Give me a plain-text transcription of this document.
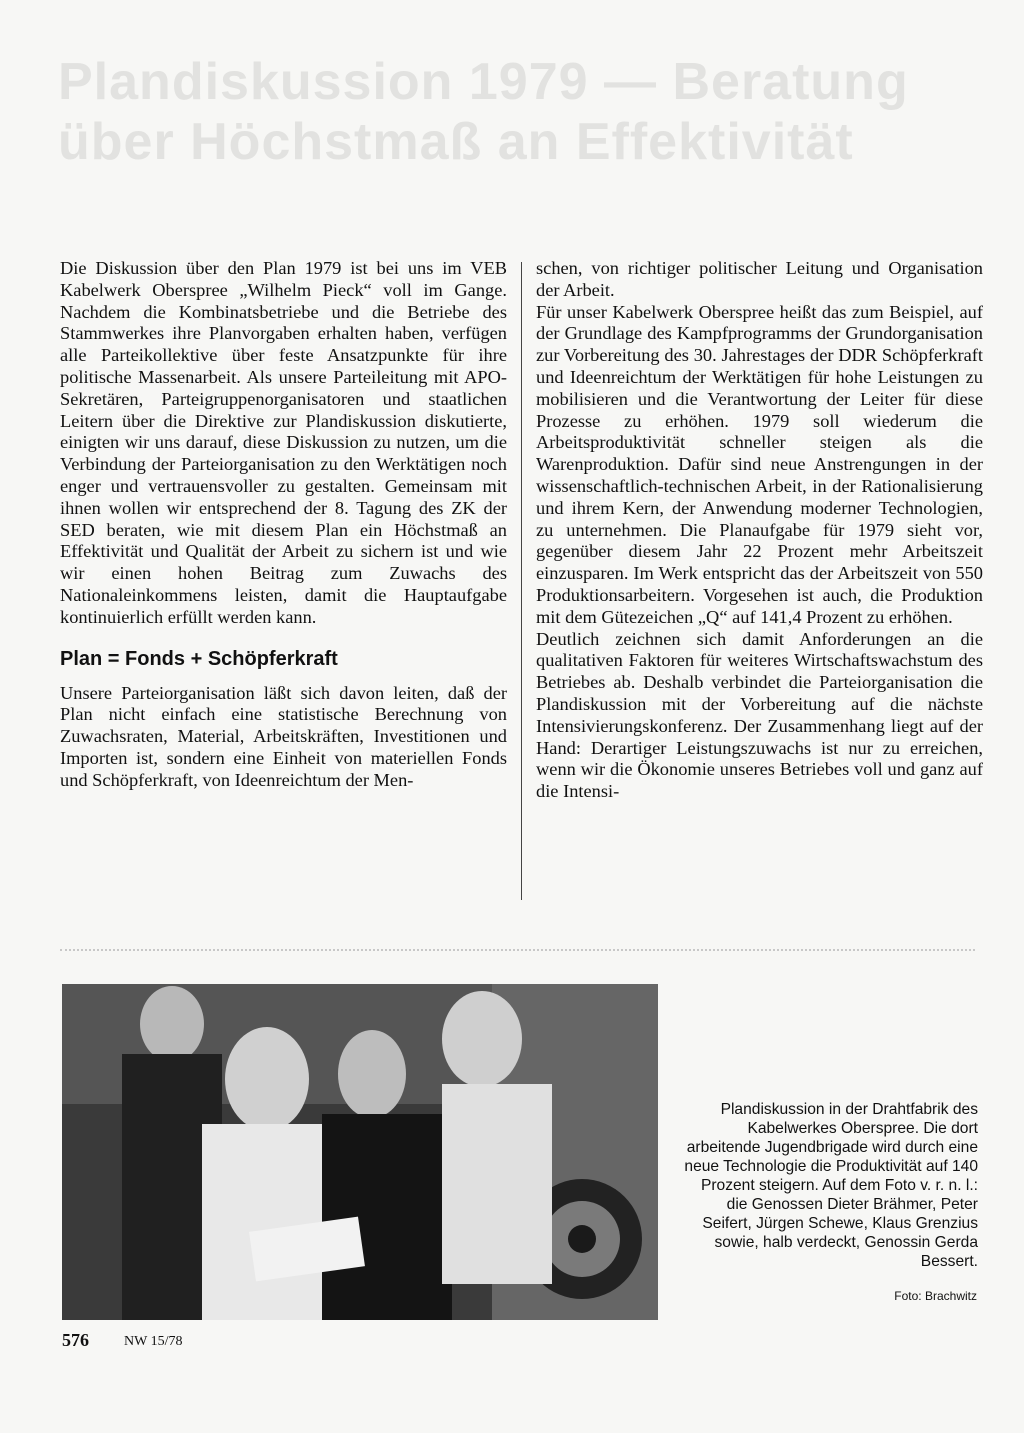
Plandiskussion 1979 — Beratung
über Höchstmaß an Effektivität

Die Diskussion über den Plan 1979 ist bei uns im VEB Kabelwerk Oberspree „Wilhelm Pieck“ voll im Gange. Nachdem die Kombinatsbetriebe und die Betriebe des Stammwerkes ihre Planvorgaben erhalten haben, verfügen alle Parteikollektive über feste Ansatzpunkte für ihre politische Massenarbeit. Als unsere Parteileitung mit APO-Sekretären, Parteigruppenorganisatoren und staatlichen Leitern über die Direktive zur Plandiskussion diskutierte, einigten wir uns darauf, diese Diskussion zu nutzen, um die Verbindung der Parteiorganisation zu den Werktätigen noch enger und vertrauensvoller zu gestalten. Gemeinsam mit ihnen wollen wir entsprechend der 8. Tagung des ZK der SED beraten, wie mit diesem Plan ein Höchstmaß an Effektivität und Qualität der Arbeit zu sichern ist und wie wir einen hohen Beitrag zum Zuwachs des Nationaleinkommens leisten, damit die Hauptaufgabe kontinuierlich erfüllt werden kann.

Plan = Fonds + Schöpferkraft

Unsere Parteiorganisation läßt sich davon leiten, daß der Plan nicht einfach eine statistische Berechnung von Zuwachsraten, Material, Arbeitskräften, Investitionen und Importen ist, sondern eine Einheit von materiellen Fonds und Schöpferkraft, von Ideenreichtum der Men-

schen, von richtiger politischer Leitung und Organisation der Arbeit.

Für unser Kabelwerk Oberspree heißt das zum Beispiel, auf der Grundlage des Kampfprogramms der Grundorganisation zur Vorbereitung des 30. Jahrestages der DDR Schöpferkraft und Ideenreichtum der Werktätigen für hohe Leistungen zu mobilisieren und die Verantwortung der Leiter für diese Prozesse zu erhöhen. 1979 soll wiederum die Arbeitsproduktivität schneller steigen als die Warenproduktion. Dafür sind neue Anstrengungen in der wissenschaftlich-technischen Arbeit, in der Rationalisierung und ihrem Kern, der Anwendung moderner Technologien, zu unternehmen. Die Planaufgabe für 1979 sieht vor, gegenüber diesem Jahr 22 Prozent mehr Arbeitszeit einzusparen. Im Werk entspricht das der Arbeitszeit von 550 Produktionsarbeitern. Vorgesehen ist auch, die Produktion mit dem Gütezeichen „Q“ auf 141,4 Prozent zu erhöhen.

Deutlich zeichnen sich damit Anforderungen an die qualitativen Faktoren für weiteres Wirtschaftswachstum des Betriebes ab. Deshalb verbindet die Parteiorganisation die Plandiskussion mit der Vorbereitung auf die nächste Intensivierungskonferenz. Der Zusammenhang liegt auf der Hand: Derartiger Leistungszuwachs ist nur zu erreichen, wenn wir die Ökonomie unseres Betriebes voll und ganz auf die Intensi-

Plandiskussion in der Drahtfabrik des Kabelwerkes Oberspree. Die dort arbeitende Jugendbrigade wird durch eine neue Technologie die Produktivität auf 140 Prozent steigern. Auf dem Foto v. r. n. l.: die Genossen Dieter Brähmer, Peter Seifert, Jürgen Schewe, Klaus Grenzius sowie, halb verdeckt, Genossin Gerda Bessert.

Foto: Brachwitz
576	NW 15/78
